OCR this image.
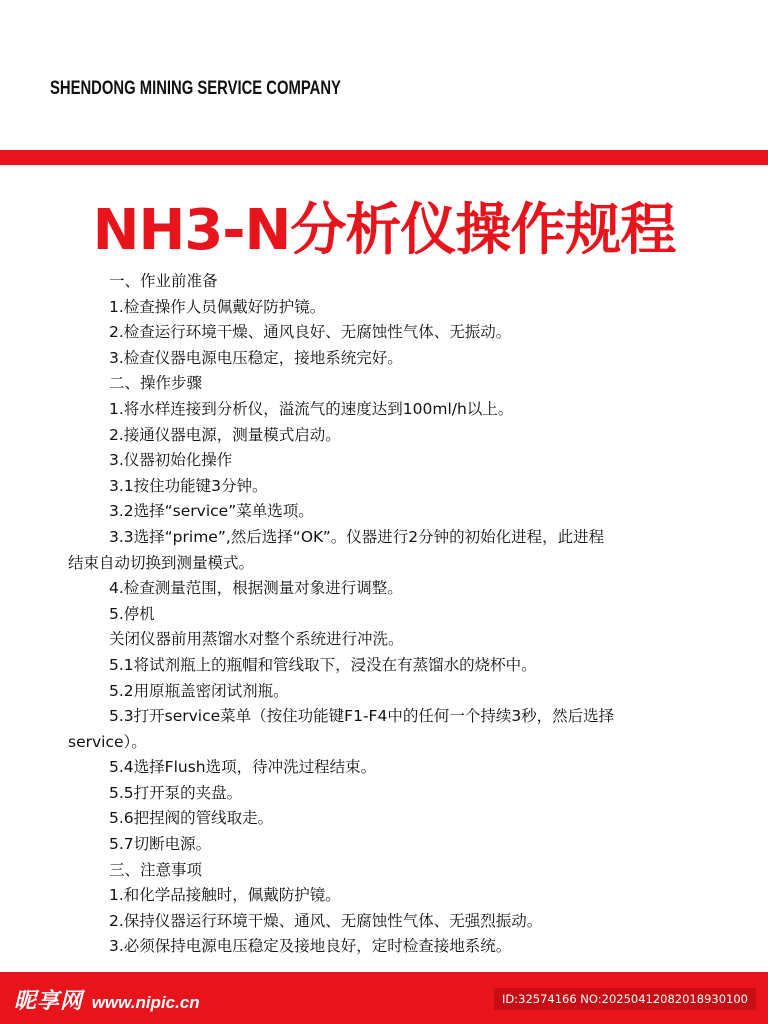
SHENDONG MINING SERVICE COMPANY
NH3-N分析仪操作规程
一、作业前准备
1.检查操作人员佩戴好防护镜。
2.检查运行环境干燥、通风良好、无腐蚀性气体、无振动。
3.检查仪器电源电压稳定，接地系统完好。
二、操作步骤
1.将水样连接到分析仪，溢流气的速度达到100ml/h以上。
2.接通仪器电源，测量模式启动。
3.仪器初始化操作
3.1按住功能键3分钟。
3.2选择“service”菜单选项。
3.3选择“prime”,然后选择“OK”。仪器进行2分钟的初始化进程，此进程
结束自动切换到测量模式。
4.检查测量范围，根据测量对象进行调整。
5.停机
关闭仪器前用蒸馏水对整个系统进行冲洗。
5.1将试剂瓶上的瓶帽和管线取下，浸没在有蒸馏水的烧杯中。
5.2用原瓶盖密闭试剂瓶。
5.3打开service菜单（按住功能键F1-F4中的任何一个持续3秒，然后选择
service）。
5.4选择Flush选项，待冲洗过程结束。
5.5打开泵的夹盘。
5.6把捏阀的管线取走。
5.7切断电源。
三、注意事项
1.和化学品接触时，佩戴防护镜。
2.保持仪器运行环境干燥、通风、无腐蚀性气体、无强烈振动。
3.必须保持电源电压稳定及接地良好，定时检查接地系统。
昵享网 www.nipic.cn	ID:32574166 NO:20250412082018930100
